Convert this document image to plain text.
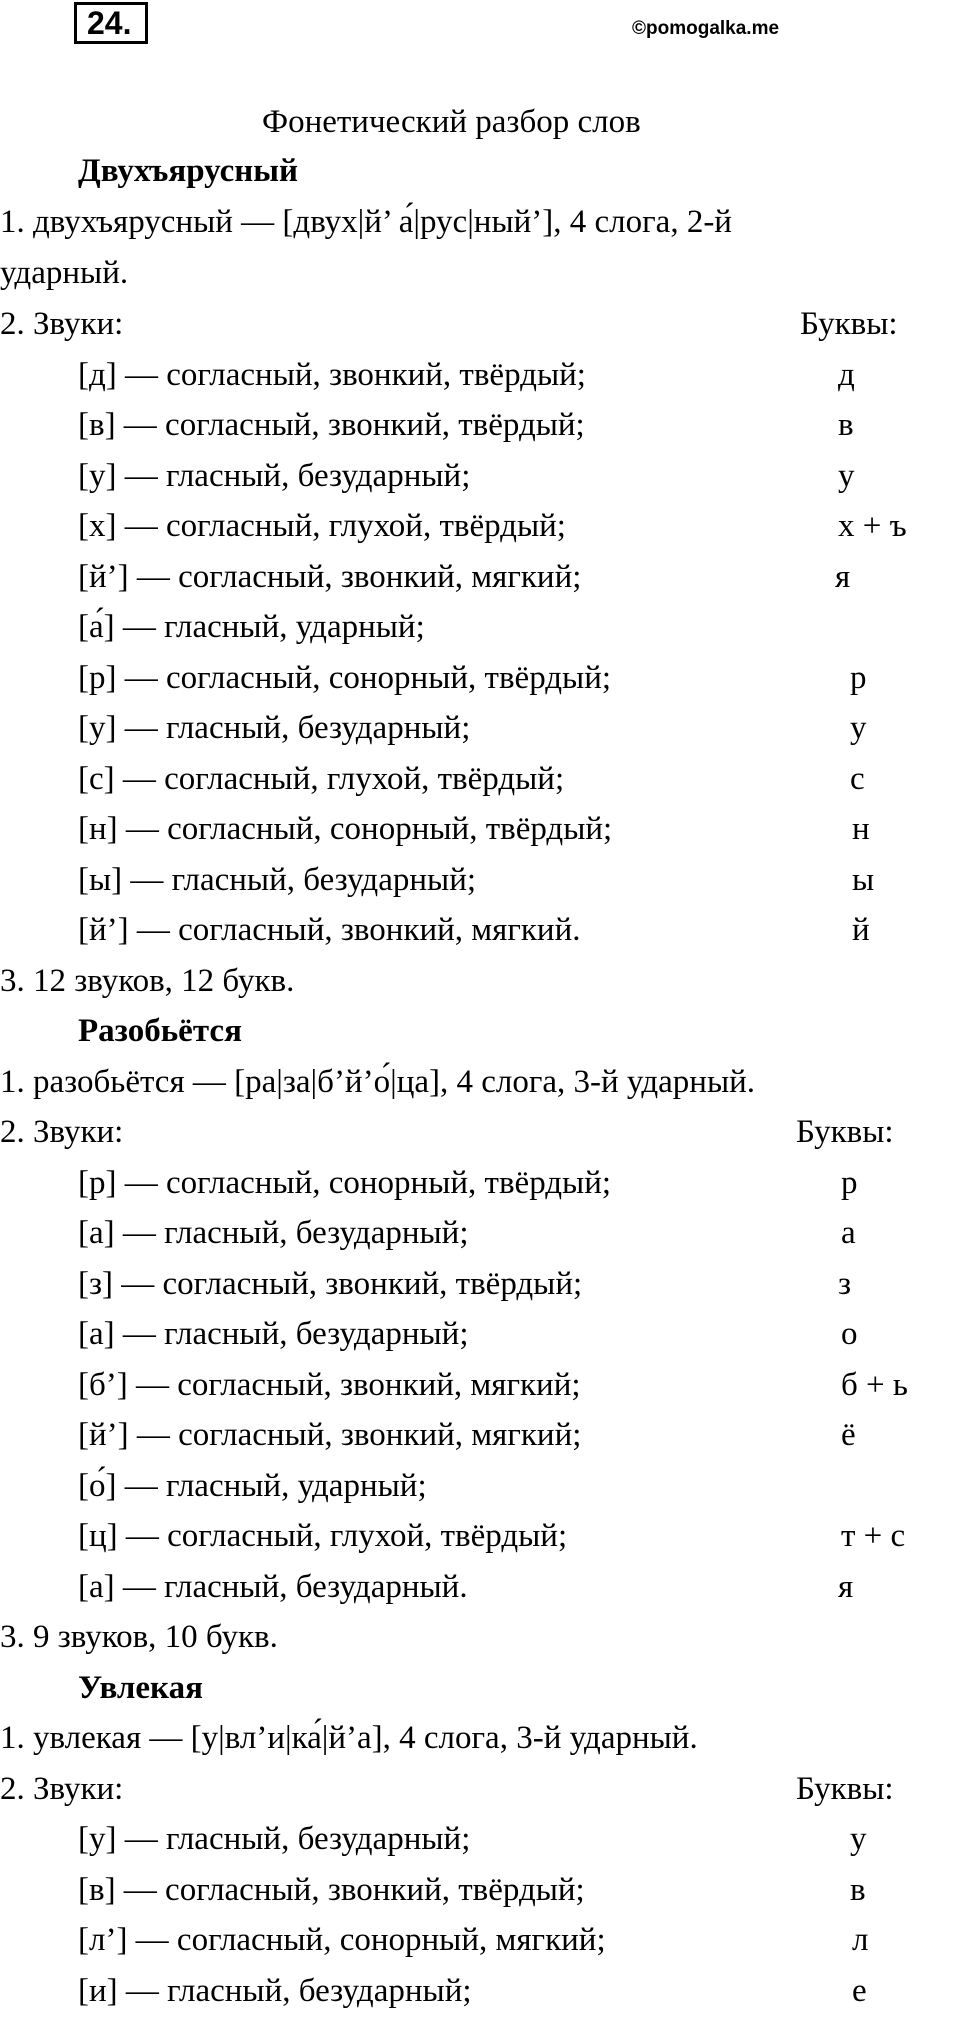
24.	©pomogalka.me
Фонетический разбор слов
Двухъярусный
1. двухъярусный — [двух|й’ а́|рус|ный’], 4 слога, 2-й
ударный.
2. Звуки:	Буквы:
[д] — согласный, звонкий, твёрдый;	д
[в] — согласный, звонкий, твёрдый;	в
[у] — гласный, безударный;	у
[х] — согласный, глухой, твёрдый;	х + ъ
[й’] — согласный, звонкий, мягкий;	я
[а́] — гласный, ударный;
[р] — согласный, сонорный, твёрдый;	р
[у] — гласный, безударный;	у
[с] — согласный, глухой, твёрдый;	с
[н] — согласный, сонорный, твёрдый;	н
[ы] — гласный, безударный;	ы
[й’] — согласный, звонкий, мягкий.	й
3. 12 звуков, 12 букв.
Разобьётся
1. разобьётся — [ра|за|б’й’о́|ца], 4 слога, 3-й ударный.
2. Звуки:	Буквы:
[р] — согласный, сонорный, твёрдый;	р
[а] — гласный, безударный;	а
[з] — согласный, звонкий, твёрдый;	з
[а] — гласный, безударный;	о
[б’] — согласный, звонкий, мягкий;	б + ь
[й’] — согласный, звонкий, мягкий;	ё
[о́] — гласный, ударный;
[ц] — согласный, глухой, твёрдый;	т + с
[а] — гласный, безударный.	я
3. 9 звуков, 10 букв.
Увлекая
1. увлекая — [у|вл’и|ка́|й’а], 4 слога, 3-й ударный.
2. Звуки:	Буквы:
[у] — гласный, безударный;	у
[в] — согласный, звонкий, твёрдый;	в
[л’] — согласный, сонорный, мягкий;	л
[и] — гласный, безударный;	е
